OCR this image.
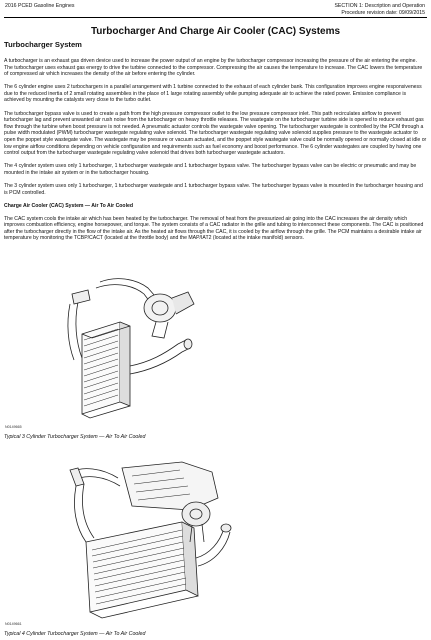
2016 PCED Gasoline Engines	SECTION 1: Description and Operation
Procedure revision date: 09/09/2015
Turbocharger And Charge Air Cooler (CAC) Systems
Turbocharger System

A turbocharger is an exhaust gas driven device used to increase the power output of an engine by the turbocharger compressor increasing the pressure of the air entering the engine. The turbocharger uses exhaust gas energy to drive the turbine connected to the compressor. Compressing the air causes the temperature to increase. The CAC lowers the temperature of compressed air which increases the density of the air before entering the cylinder.

The 6 cylinder engine uses 2 turbochargers in a parallel arrangement with 1 turbine connected to the exhaust of each cylinder bank. This configuration improves engine responsiveness due to the reduced inertia of 2 small rotating assemblies in the place of 1 large rotating assembly while pumping adequate air to achieve the rated power. Emission compliance is achieved by mounting the catalysts very close to the turbo outlet.

The turbocharger bypass valve is used to create a path from the high pressure compressor outlet to the low pressure compressor inlet. This path recirculates airflow to prevent turbocharger lag and prevent unwanted air rush noise from the turbocharger on heavy throttle releases. The wastegate on the turbocharger turbine side is opened to reduce exhaust gas flow through the turbine when boost pressure is not needed. A pneumatic actuator controls the wastegate valve opening. The turbocharger wastegate is controlled by the PCM through a pulse width modulated (PWM) turbocharger wastegate regulating valve solenoid. The turbocharger wastegate regulating valve solenoid supplies pressure to the wastegate actuator to open the poppet style wastegate valve. The wastegate may be pressure or vacuum actuated, and the poppet style wastegate valve could be normally opened or normally closed at idle or low engine airflow conditions depending on vehicle configuration and requirements such as fuel economy and boost performance. The 6 cylinder wastegates are coupled by having one control output from the turbocharger wastegate regulating valve solenoid that drives both turbocharger wastegate actuators.

The 4 cylinder system uses only 1 turbocharger, 1 turbocharger wastegate and 1 turbocharger bypass valve. The turbocharger bypass valve can be electric or pneumatic and may be mounted in the intake air system or in the turbocharger housing.

The 3 cylinder system uses only 1 turbocharger, 1 turbocharger wastegate and 1 turbocharger bypass valve. The turbocharger bypass valve is mounted in the turbocharger housing and is PCM controlled.

Charge Air Cooler (CAC) System — Air To Air Cooled

The CAC system cools the intake air which has been heated by the turbocharger. The removal of heat from the pressurized air going into the CAC increases the air density which improves combustion efficiency, engine horsepower, and torque. The system consists of a CAC radiator in the grille and tubing to interconnect these components. The CAC is positioned after the turbocharger directly in the flow of the intake air. As the heated air flows through the CAC, it is cooled by the airflow through the grille. The PCM maintains a desirable intake air temperature by monitoring the TCBP/CACT (located at the throttle body) and the MAP/IAT2 (located at the intake manifold) sensors.

N0149665
Typical 3 Cylinder Turbocharger System — Air To Air Cooled
N0149661
Typical 4 Cylinder Turbocharger System — Air To Air Cooled
